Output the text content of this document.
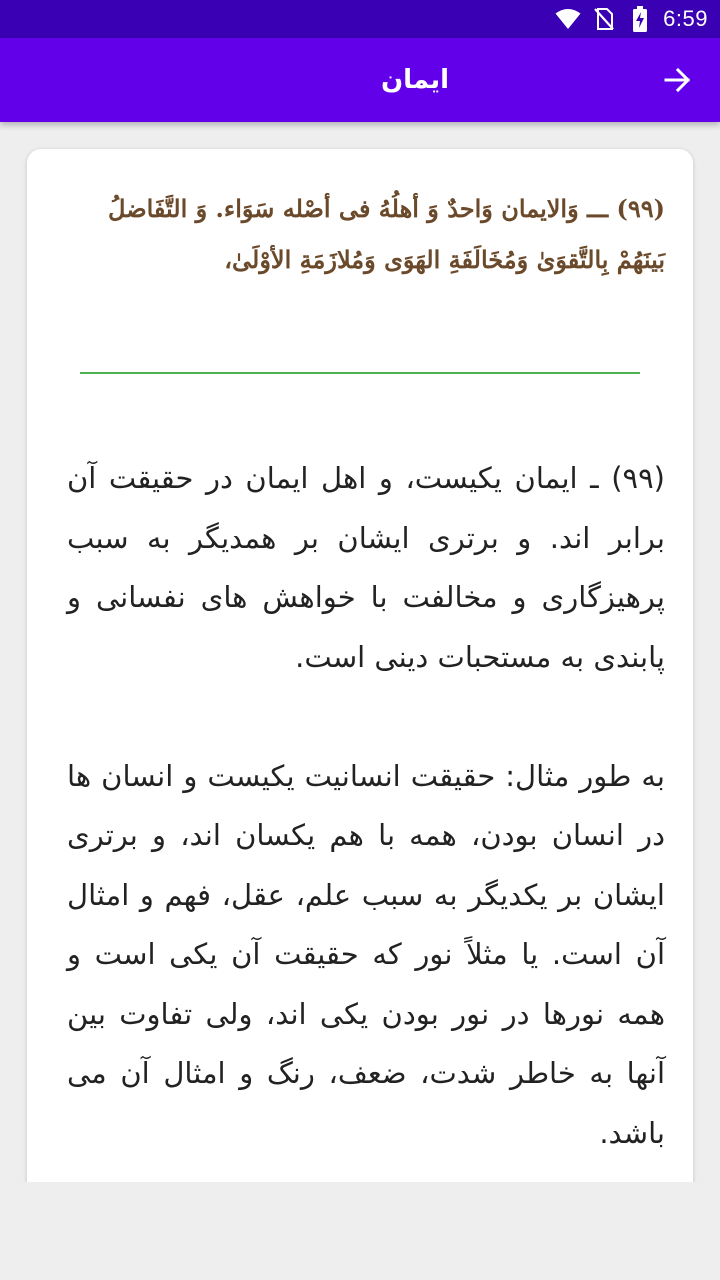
6:59
ایمان
(۹۹) ـــ وَالایمان وَاحدٌ وَ أهلُهُ فی أصْله سَوَاء. وَ التَّفَاضلُ بَینَهُمْ بِالتَّقوَیٰ وَمُخَالَفَةِ الهَوَی وَمُلازَمَةِ الأوْلَیٰ،
(۹۹) ـ ایمان یکیست، و اهل ایمان در حقیقت آن برابر اند. و برتری ایشان بر همدیگر به سبب پرهیزگاری و مخالفت با خواهش های نفسانی و پابندی به مستحبات دینی است.

به طور مثال: حقیقت انسانیت یکیست و انسان ها در انسان بودن، همه با هم یکسان اند، و برتری ایشان بر یکدیگر به سبب علم، عقل، فهم و امثال آن است. یا مثلاً نور که حقیقت آن یکی است و همه نورها در نور بودن یکی اند، ولی تفاوت بین آنها به خاطر شدت، ضعف، رنگ و امثال آن می باشد.
